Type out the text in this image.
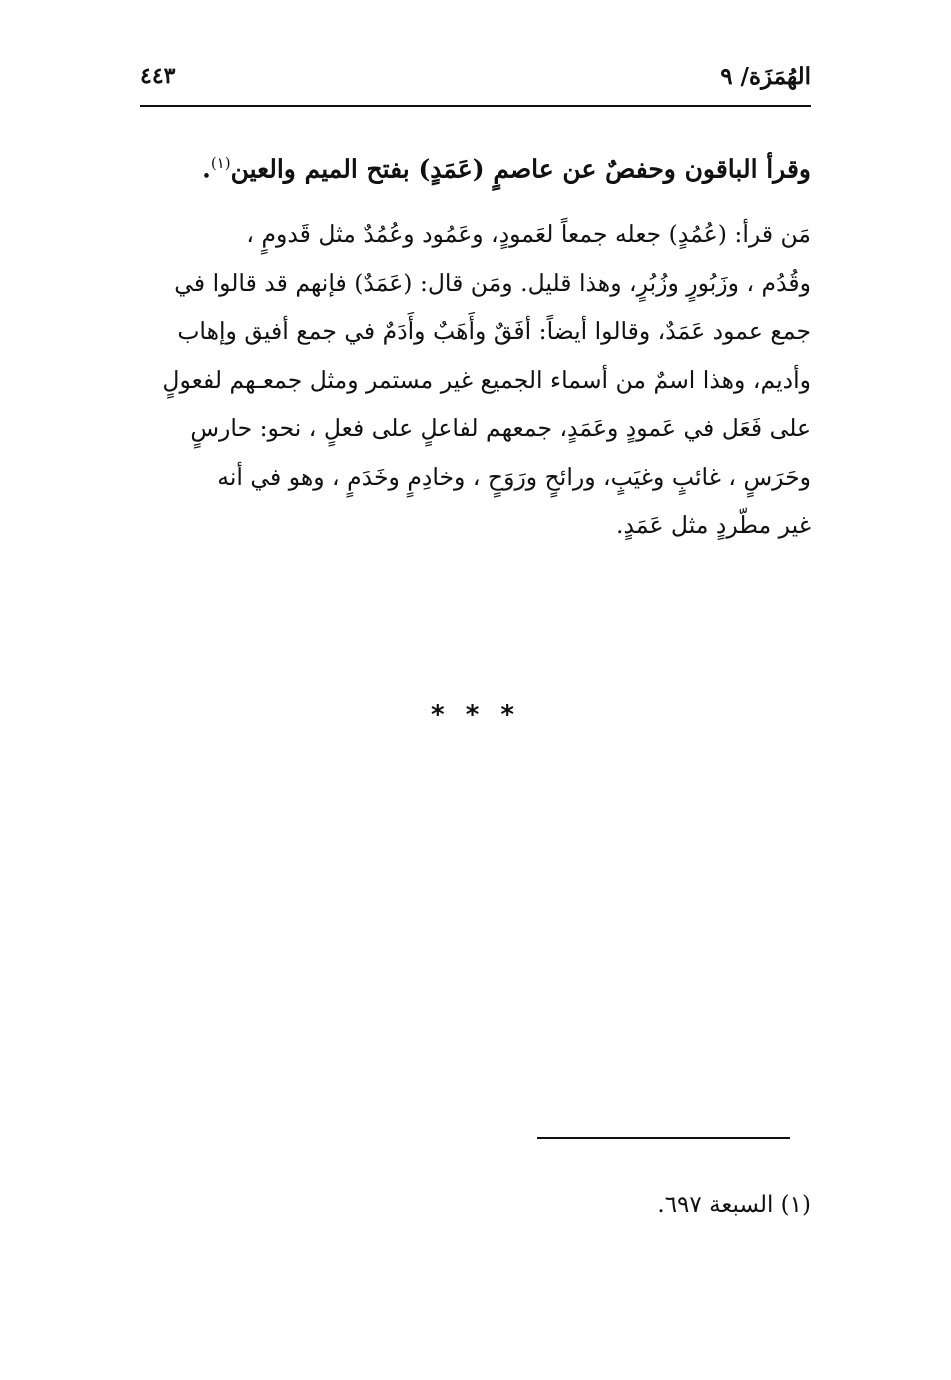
الهُمَزَة/ ٩
٤٤٣
وقرأ الباقون وحفصٌ عن عاصمٍ (عَمَدٍ) بفتح الميم والعين$^{(١)}$.
مَن قرأ: (عُمُدٍ) جعله جمعاً لعَمودٍ، وعَمُود وعُمُدٌ مثل قَدومٍ ،
وقُدُم ، وزَبُورٍ وزُبُرٍ، وهذا قليل. ومَن قال: (عَمَدٌ) فإنهم قد قالوا في
جمع عمود عَمَدٌ، وقالوا أيضاً: أفَقٌ وأَهَبٌ وأَدَمٌ في جمع أفيق وإهاب
وأديم، وهذا اسمٌ من أسماء الجميع غير مستمر ومثل جمعـهم لفعولٍ
على فَعَل في عَمودٍ وعَمَدٍ، جمعهم لفاعلٍ على فعلٍ ، نحو: حارسٍ
وحَرَسٍ ، غائبٍ وغيَبٍ، ورائحٍ ورَوَحٍ ، وخادِمٍ وخَدَمٍ ، وهو في أنه
غير مطّردٍ مثل عَمَدٍ.
* * *
(١) السبعة ٦٩٧.
